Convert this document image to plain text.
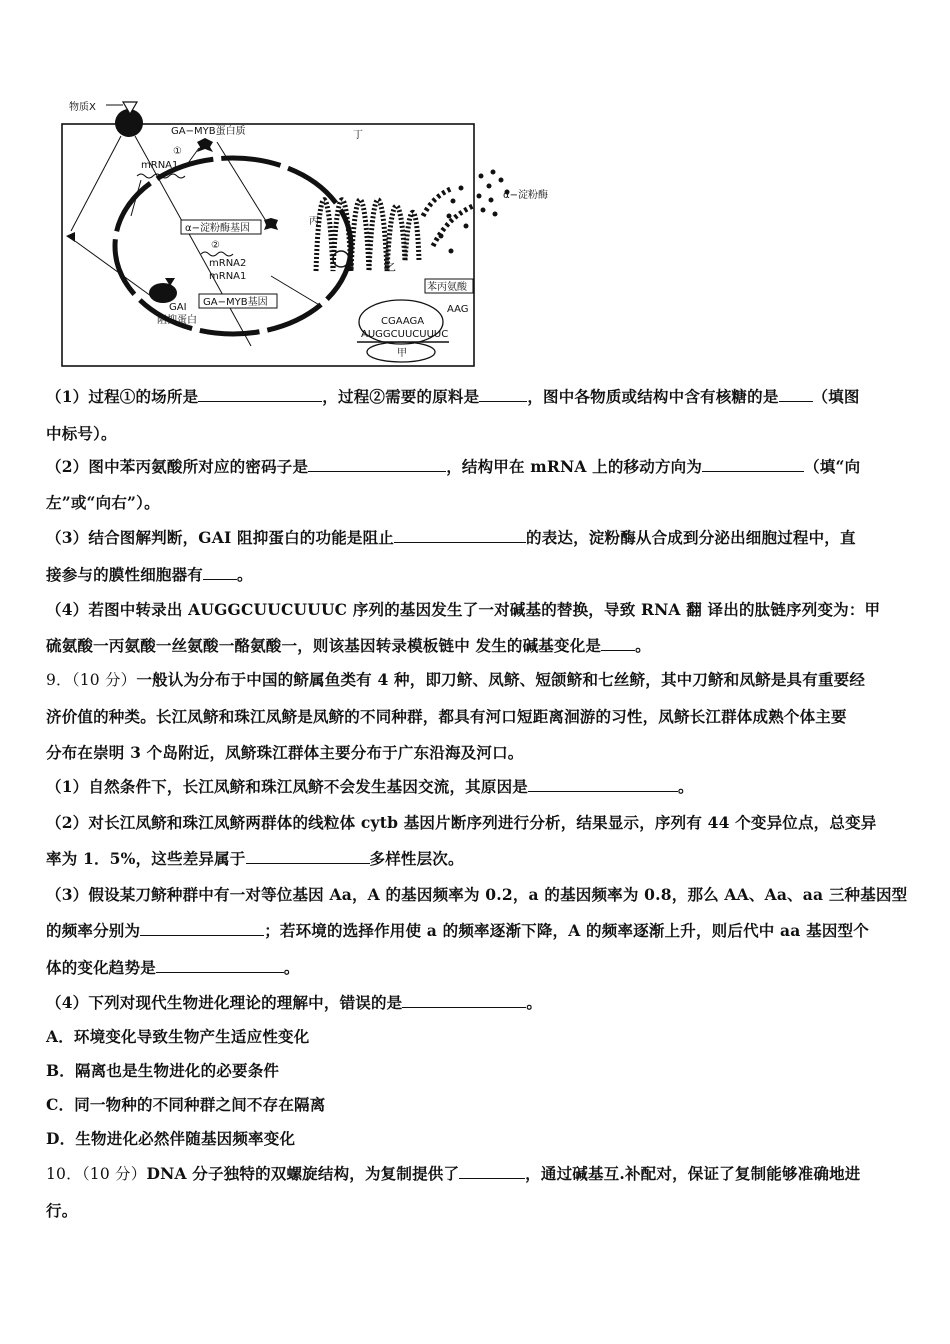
物质X
GA−MYB蛋白质
①
mRNA1
丁
α−淀粉酶基因
②
mRNA2
mRNA1
GAI
阻抑蛋白
GA−MYB基因
丙
乙
α−淀粉酶
苯丙氨酸
AAG
CGAAGA
AUGGCUUCUUUC
甲
（1）过程①的场所是	，过程②需要的原料是	，图中各物质或结构中含有核糖的是 （填图
中标号）。
（2）图中苯丙氨酸所对应的密码子是	，结构甲在 mRNA 上的移动方向为	（填“向
左”或“向右”）。
（3）结合图解判断，GAI 阻抑蛋白的功能是阻止	的表达，淀粉酶从合成到分泌出细胞过程中，直
接参与的膜性细胞器有 。
（4）若图中转录出 AUGGCUUCUUUC 序列的基因发生了一对碱基的替换，导致 RNA 翻 译出的肽链序列变为：甲
硫氨酸一丙氨酸一丝氨酸一酪氨酸一，则该基因转录模板链中 发生的碱基变化是 。
9．（10 分）一般认为分布于中国的鲚属鱼类有 4 种，即刀鲚、凤鲚、短颌鲚和七丝鲚，其中刀鲚和凤鲚是具有重要经
济价值的种类。长江凤鲚和珠江凤鲚是凤鲚的不同种群，都具有河口短距离洄游的习性，凤鲚长江群体成熟个体主要
分布在崇明 3 个岛附近，凤鲚珠江群体主要分布于广东沿海及河口。
（1）自然条件下，长江凤鲚和珠江凤鲚不会发生基因交流，其原因是	。
（2）对长江凤鲚和珠江凤鲚两群体的线粒体 cytb 基因片断序列进行分析，结果显示，序列有 44 个变异位点，总变异
率为 1．5%，这些差异属于	多样性层次。
（3）假设某刀鲚种群中有一对等位基因 Aa，A 的基因频率为 0.2，a 的基因频率为 0.8，那么 AA、Aa、aa 三种基因型
的频率分别为	；若环境的选择作用使 a 的频率逐渐下降，A 的频率逐渐上升，则后代中 aa 基因型个
体的变化趋势是	。
（4）下列对现代生物进化理论的理解中，错误的是	。
A．环境变化导致生物产生适应性变化
B．隔离也是生物进化的必要条件
C．同一物种的不同种群之间不存在隔离
D．生物进化必然伴随基因频率变化
10．（10 分）DNA 分子独特的双螺旋结构，为复制提供了	，通过碱基互.补配对，保证了复制能够准确地进
行。
